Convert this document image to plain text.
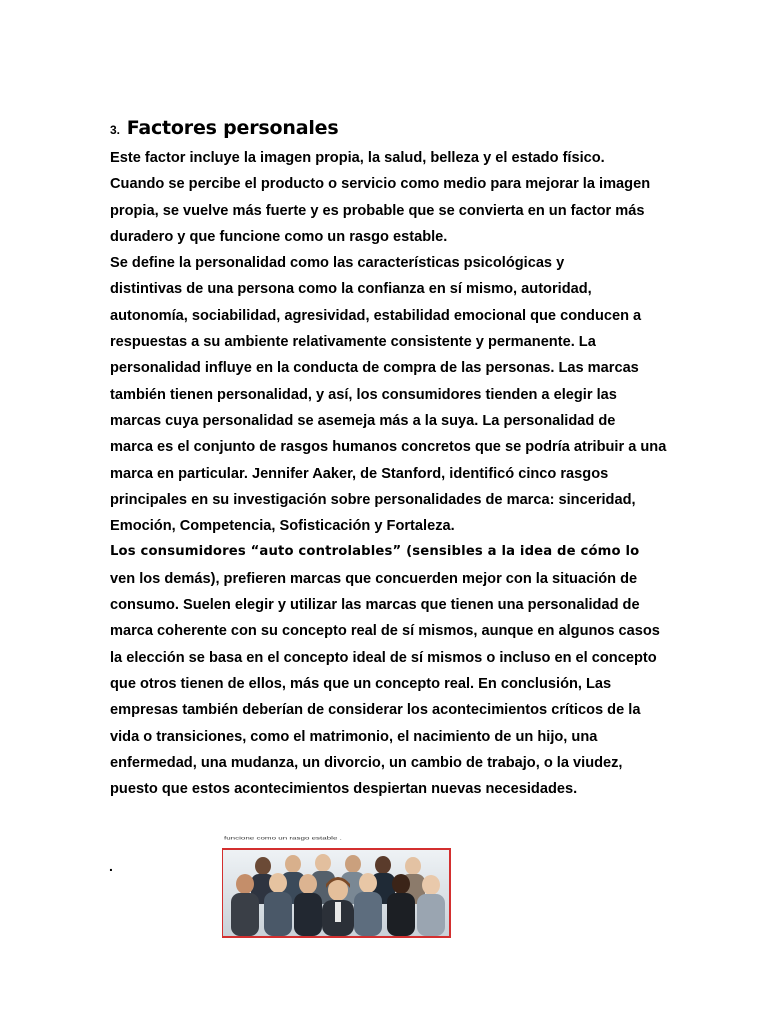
3. Factores personales
Este factor incluye la imagen propia, la salud, belleza y el estado físico.
Cuando se percibe el producto o servicio como medio para mejorar la imagen
propia, se vuelve más fuerte y es probable que se convierta en un factor más
duradero y que funcione como un rasgo estable.
Se define la personalidad como las características psicológicas y
distintivas de una persona como la confianza en sí mismo, autoridad,
autonomía, sociabilidad, agresividad, estabilidad emocional que conducen a
respuestas a su ambiente relativamente consistente y permanente. La
personalidad influye en la conducta de compra de las personas. Las marcas
también tienen personalidad, y así, los consumidores tienden a elegir las
marcas cuya personalidad se asemeja más a la suya. La personalidad de
marca es el conjunto de rasgos humanos concretos que se podría atribuir a una
marca en particular. Jennifer Aaker, de Stanford, identificó cinco rasgos
principales en su investigación sobre personalidades de marca: sinceridad,
Emoción, Competencia, Sofisticación y Fortaleza.
Los consumidores “auto controlables” (sensibles a la idea de cómo lo
ven los demás), prefieren marcas que concuerden mejor con la situación de
consumo. Suelen elegir y utilizar las marcas que tienen una personalidad de
marca coherente con su concepto real de sí mismos, aunque en algunos casos
la elección se basa en el concepto ideal de sí mismos o incluso en el concepto
que otros tienen de ellos, más que un concepto real. En conclusión, Las
empresas también deberían de considerar los acontecimientos críticos de la
vida o transiciones, como el matrimonio, el nacimiento de un hijo, una
enfermedad, una mudanza, un divorcio, un cambio de trabajo, o la viudez,
puesto que estos acontecimientos despiertan nuevas necesidades.
.
funcione como un rasgo estable .
